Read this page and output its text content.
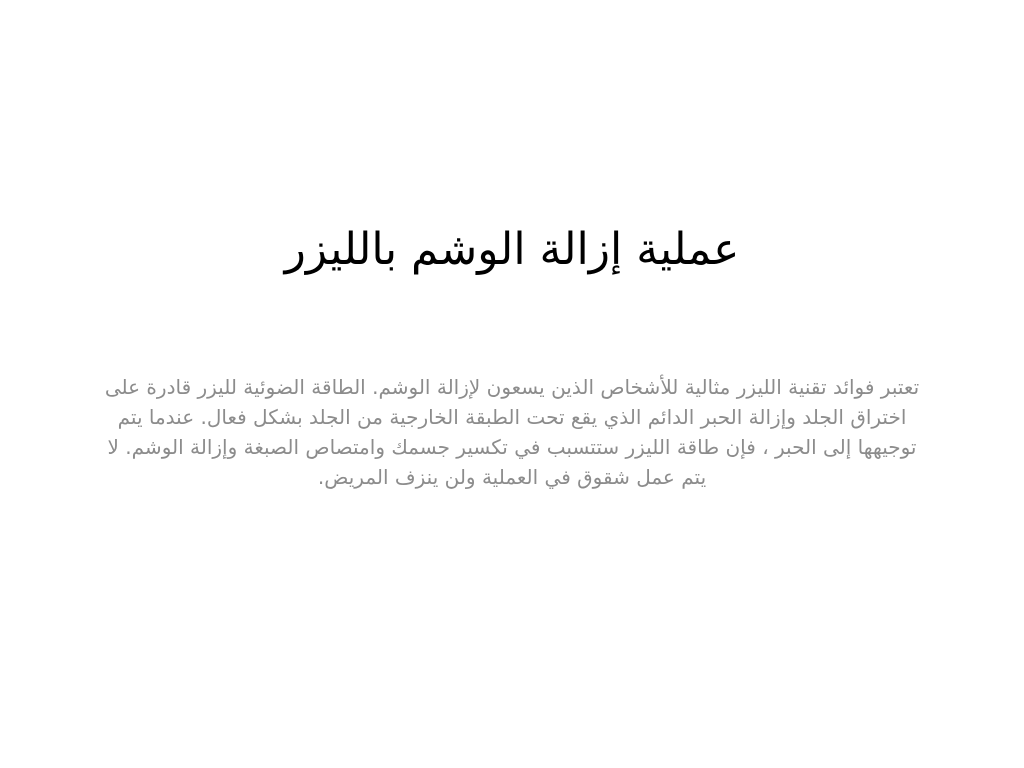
عملية إزالة الوشم بالليزر

تعتبر فوائد تقنية الليزر مثالية للأشخاص الذين يسعون لإزالة الوشم. الطاقة الضوئية لليزر قادرة على اختراق الجلد وإزالة الحبر الدائم الذي يقع تحت الطبقة الخارجية من الجلد بشكل فعال. عندما يتم توجيهها إلى الحبر ، فإن طاقة الليزر ستتسبب في تكسير جسمك وامتصاص الصبغة وإزالة الوشم. لا يتم عمل شقوق في العملية ولن ينزف المريض.
